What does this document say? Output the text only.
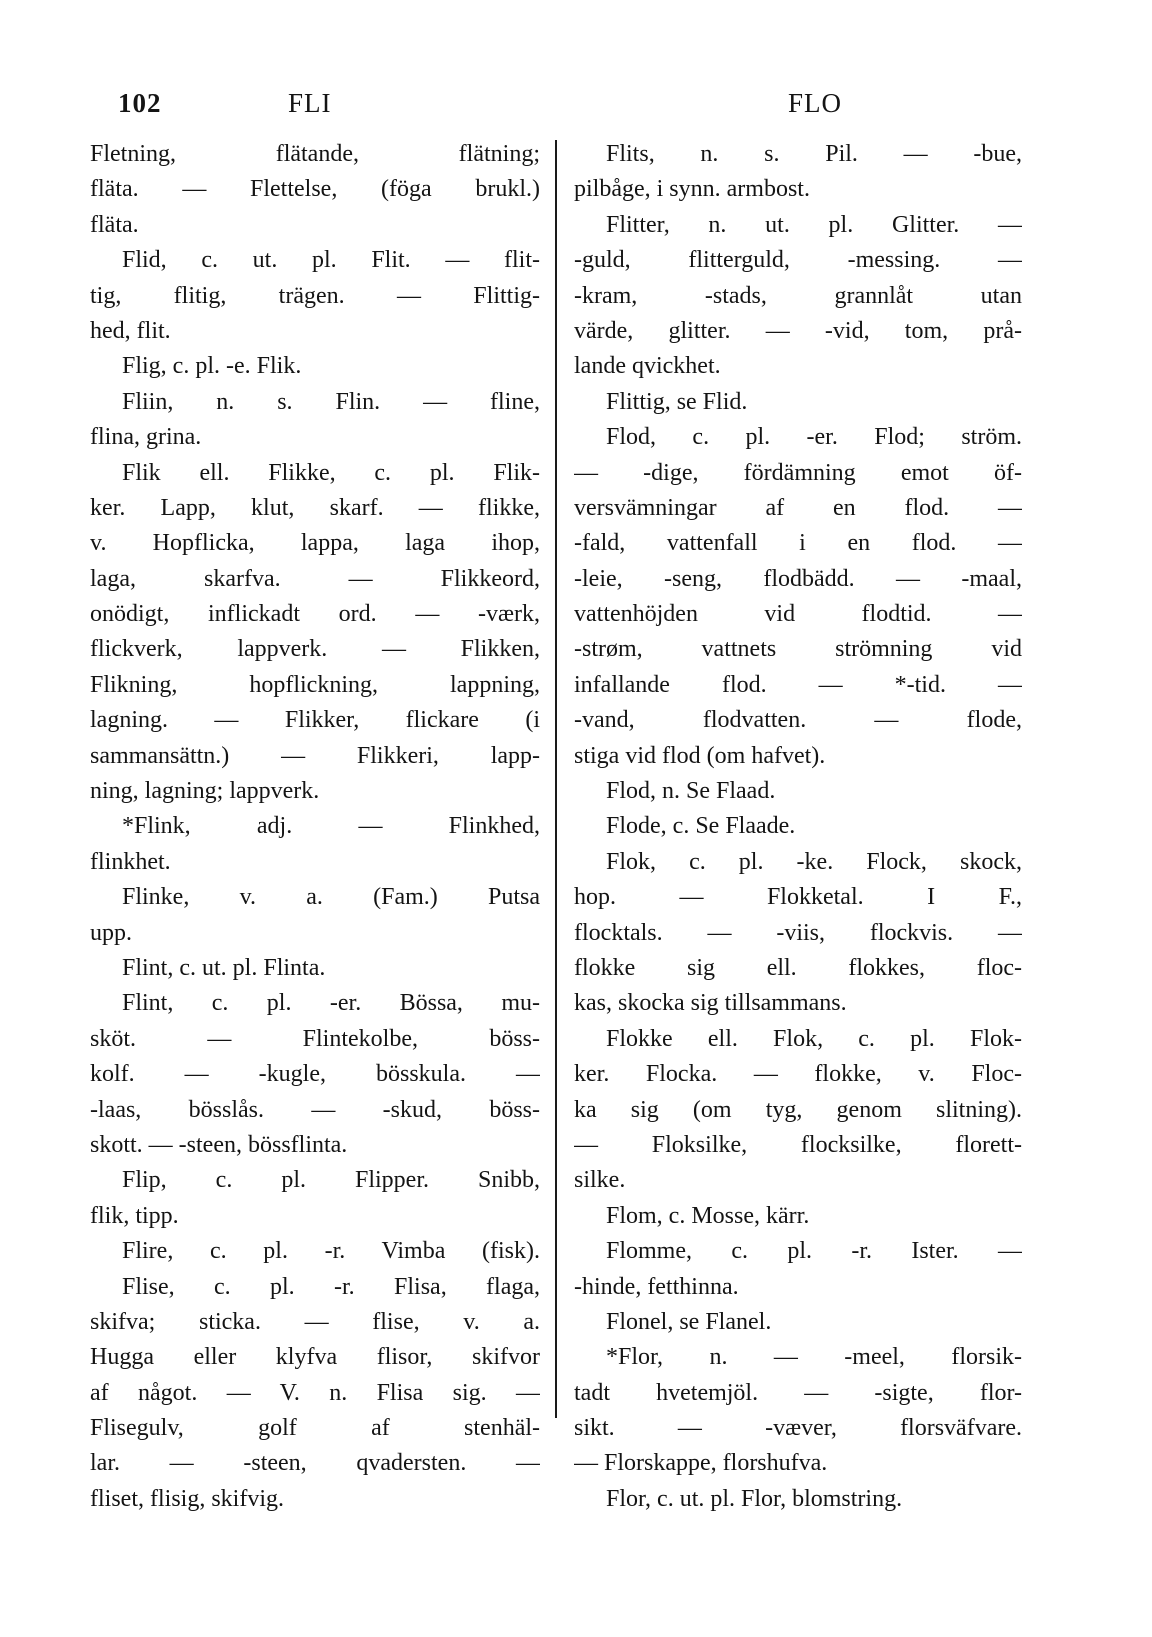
102	FLI	FLO
Fletning, flätande, flätning;
fläta. — Flettelse, (föga brukl.)
fläta.
Flid, c. ut. pl. Flit. — flit-
tig, flitig, trägen. — Flittig-
hed, flit.
Flig, c. pl. -e. Flik.
Fliin, n. s. Flin. — fline,
flina, grina.
Flik ell. Flikke, c. pl. Flik-
ker. Lapp, klut, skarf. — flikke,
v. Hopflicka, lappa, laga ihop,
laga, skarfva. — Flikkeord,
onödigt, inflickadt ord. — -værk,
flickverk, lappverk. — Flikken,
Flikning, hopflickning, lappning,
lagning. — Flikker, flickare (i
sammansättn.) — Flikkeri, lapp-
ning, lagning; lappverk.
*Flink, adj. — Flinkhed,
flinkhet.
Flinke, v. a. (Fam.) Putsa
upp.
Flint, c. ut. pl. Flinta.
Flint, c. pl. -er. Bössa, mu-
sköt. — Flintekolbe, böss-
kolf. — -kugle, bösskula. —
-laas, bösslås. — -skud, böss-
skott. — -steen, bössflinta.
Flip, c. pl. Flipper. Snibb,
flik, tipp.
Flire, c. pl. -r. Vimba (fisk).
Flise, c. pl. -r. Flisa, flaga,
skifva; sticka. — flise, v. a.
Hugga eller klyfva flisor, skifvor
af något. — V. n. Flisa sig. —
Flisegulv, golf af stenhäl-
lar. — -steen, qvadersten. —
fliset, flisig, skifvig.
Flits, n. s. Pil. — -bue,
pilbåge, i synn. armbost.
Flitter, n. ut. pl. Glitter. —
-guld, flitterguld, -messing. —
-kram, -stads, grannlåt utan
värde, glitter. — -vid, tom, prå-
lande qvickhet.
Flittig, se Flid.
Flod, c. pl. -er. Flod; ström.
— -dige, fördämning emot öf-
versvämningar af en flod. —
-fald, vattenfall i en flod. —
-leie, -seng, flodbädd. — -maal,
vattenhöjden vid flodtid. —
-strøm, vattnets strömning vid
infallande flod. — *-tid. —
-vand, flodvatten. — flode,
stiga vid flod (om hafvet).
Flod, n. Se Flaad.
Flode, c. Se Flaade.
Flok, c. pl. -ke. Flock, skock,
hop. — Flokketal. I F.,
flocktals. — -viis, flockvis. —
flokke sig ell. flokkes, floc-
kas, skocka sig tillsammans.
Flokke ell. Flok, c. pl. Flok-
ker. Flocka. — flokke, v. Floc-
ka sig (om tyg, genom slitning).
— Floksilke, flocksilke, florett-
silke.
Flom, c. Mosse, kärr.
Flomme, c. pl. -r. Ister. —
-hinde, fetthinna.
Flonel, se Flanel.
*Flor, n. — -meel, florsik-
tadt hvetemjöl. — -sigte, flor-
sikt. — -væver, florsväfvare.
— Florskappe, florshufva.
Flor, c. ut. pl. Flor, blomstring.
